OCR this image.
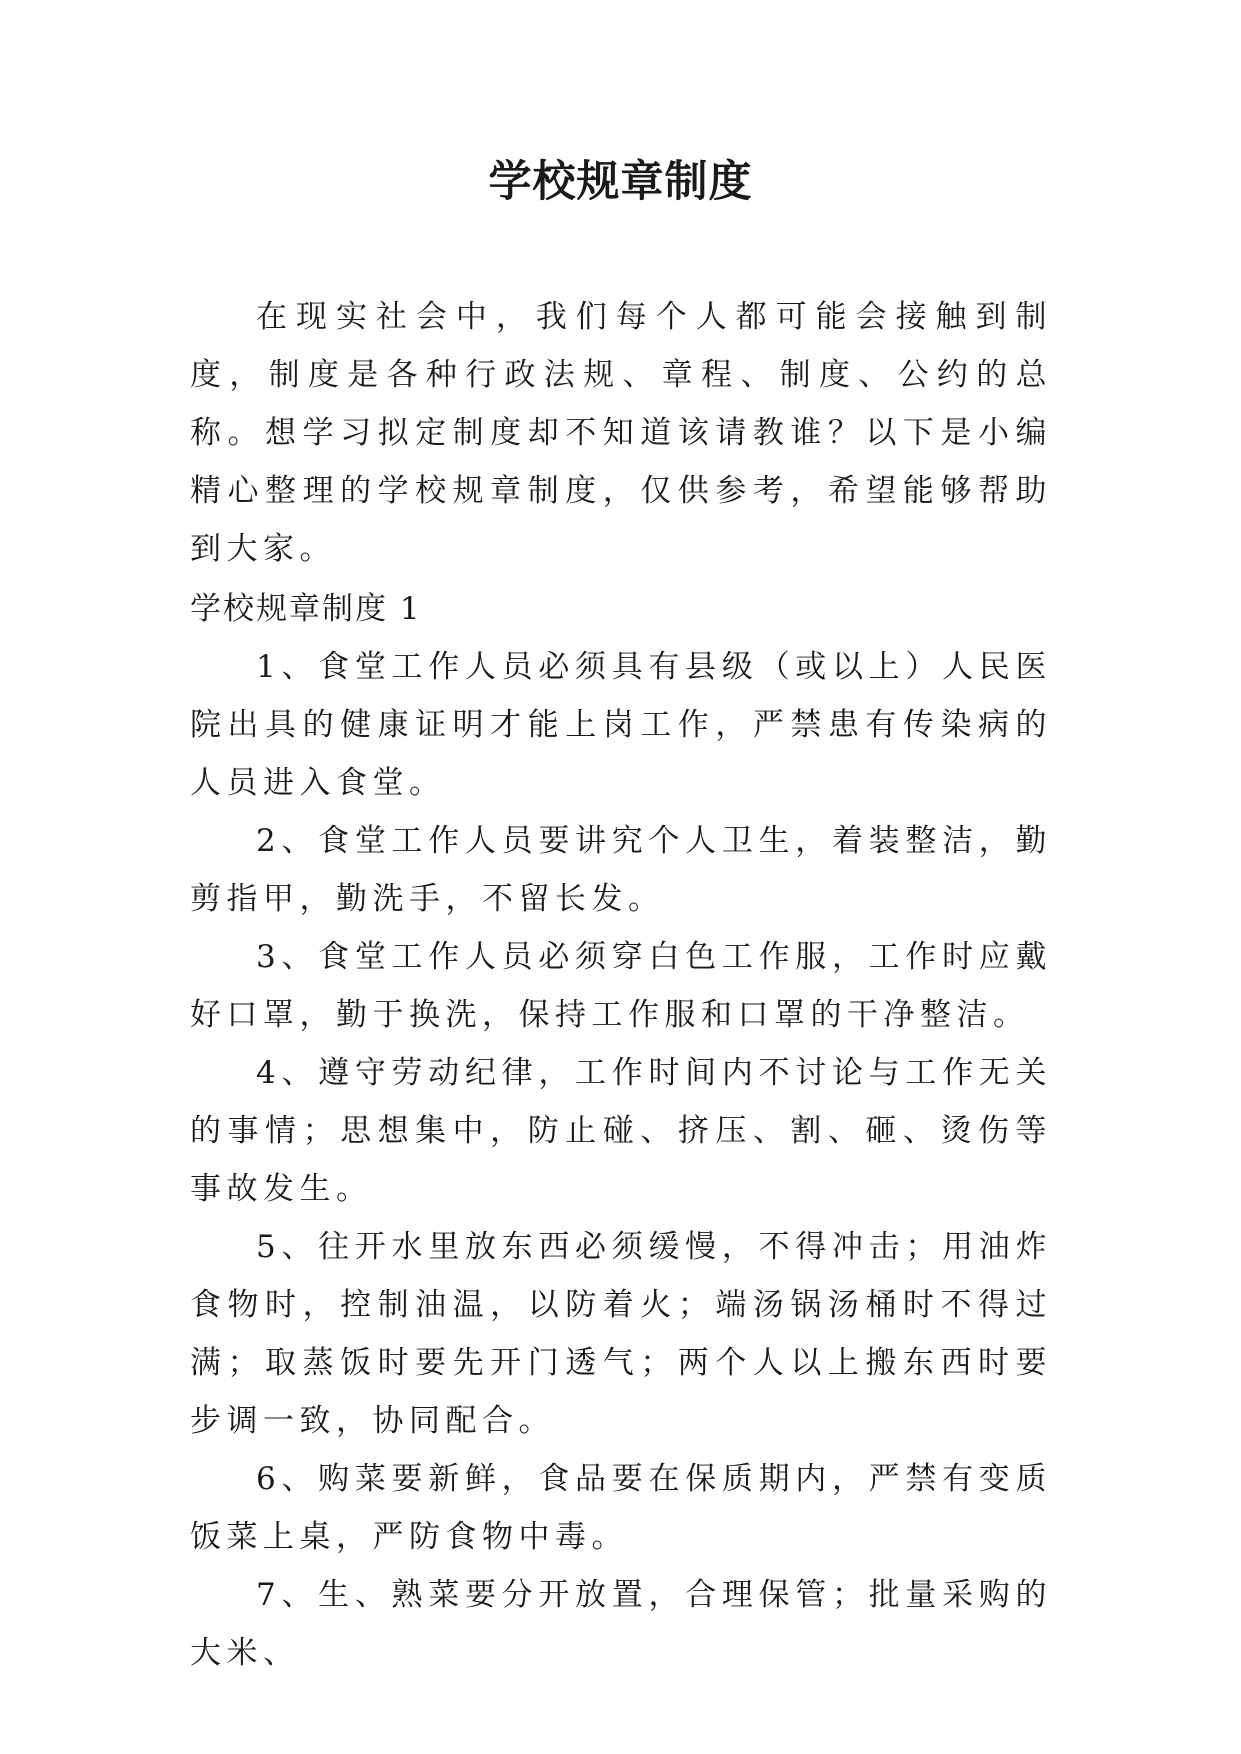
学校规章制度

在现实社会中，我们每个人都可能会接触到制度，制度是各种行政法规、章程、制度、公约的总称。想学习拟定制度却不知道该请教谁？以下是小编精心整理的学校规章制度，仅供参考，希望能够帮助到大家。

学校规章制度 1

1、食堂工作人员必须具有县级（或以上）人民医院出具的健康证明才能上岗工作，严禁患有传染病的人员进入食堂。
2、食堂工作人员要讲究个人卫生，着装整洁，勤剪指甲，勤洗手，不留长发。
3、食堂工作人员必须穿白色工作服，工作时应戴好口罩，勤于换洗，保持工作服和口罩的干净整洁。
4、遵守劳动纪律，工作时间内不讨论与工作无关的事情；思想集中，防止碰、挤压、割、砸、烫伤等事故发生。
5、往开水里放东西必须缓慢，不得冲击；用油炸食物时，控制油温，以防着火；端汤锅汤桶时不得过满；取蒸饭时要先开门透气；两个人以上搬东西时要步调一致，协同配合。
6、购菜要新鲜，食品要在保质期内，严禁有变质饭菜上桌，严防食物中毒。
7、生、熟菜要分开放置，合理保管；批量采购的大米、
